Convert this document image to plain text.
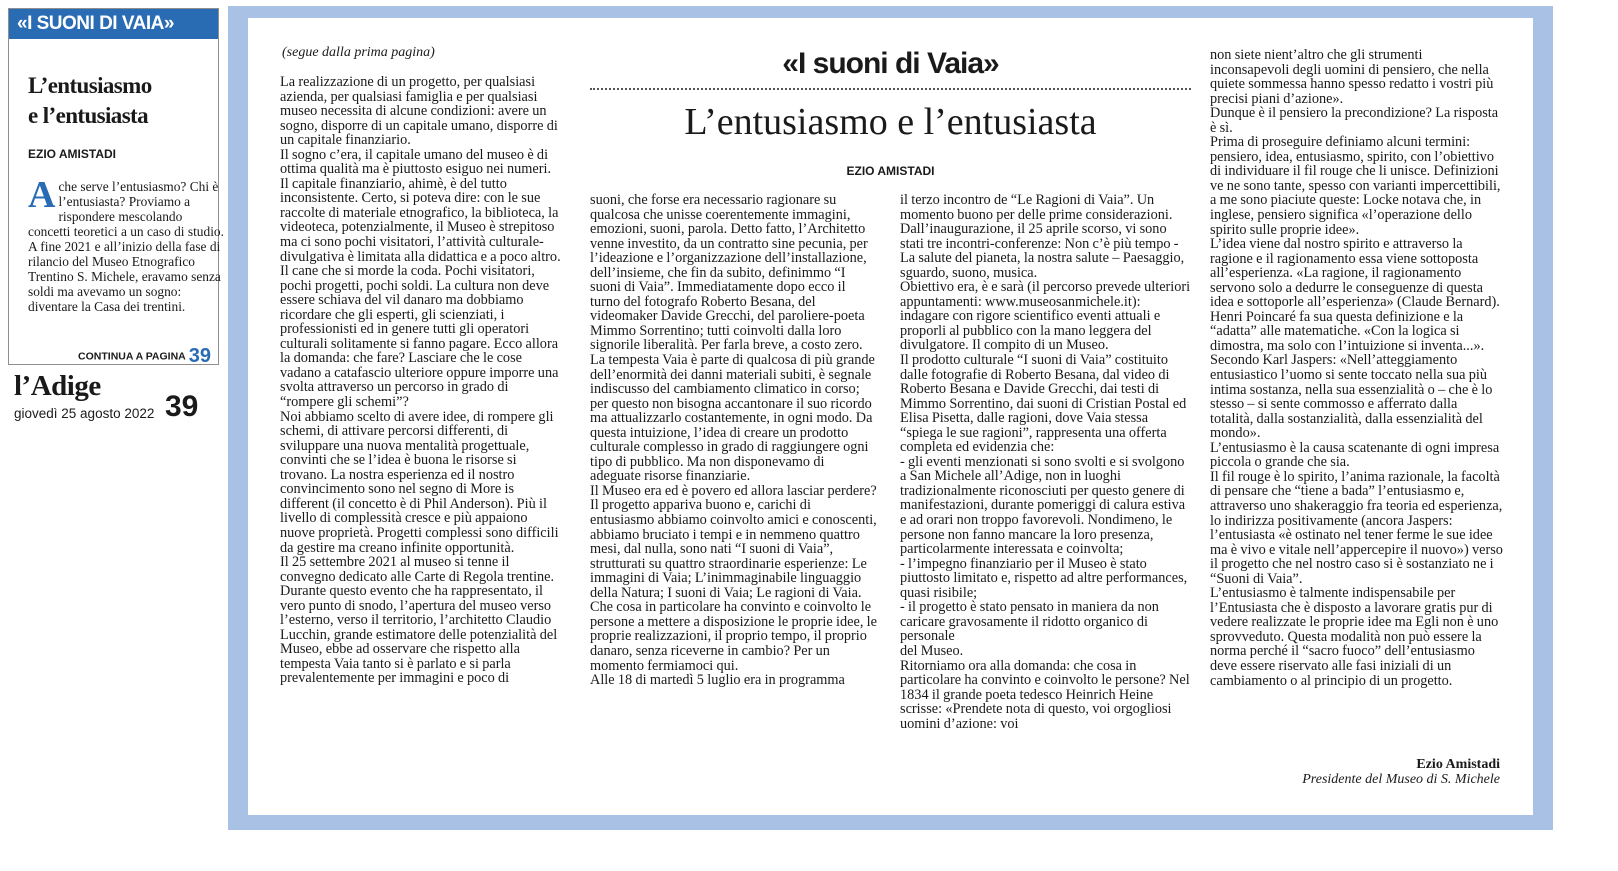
«I SUONI DI VAIA»
L’entusiasmo
e l’entusiasta
EZIO AMISTADI
Ache serve l’entusiasmo? Chi è l’entusiasta? Proviamo a rispondere mescolando concetti teoretici a un caso di studio. A fine 2021 e all’inizio della fase di rilancio del Museo Etnografico Trentino S. Michele, eravamo senza soldi ma avevamo un sogno: diventare la Casa dei trentini.
CONTINUA A PAGINA 39
l’Adige
giovedì 25 agosto 2022 39
(segue dalla prima pagina)	«I suoni di Vaia»
L’entusiasmo e l’entusiasta
EZIO AMISTADI

La realizzazione di un progetto, per qualsiasi azienda, per qualsiasi famiglia e per qualsiasi museo necessita di alcune condizioni: avere un sogno, disporre di un capitale umano, disporre di un capitale finanziario.

Il sogno c’era, il capitale umano del museo è di ottima qualità ma è piuttosto esiguo nei numeri. Il capitale finanziario, ahimè, è del tutto inconsistente. Certo, si poteva dire: con le sue raccolte di materiale etnografico, la biblioteca, la videoteca, potenzialmente, il Museo è strepitoso ma ci sono pochi visitatori, l’attività culturale- divulgativa è limitata alla didattica e a poco altro.

Il cane che si morde la coda. Pochi visitatori, pochi progetti, pochi soldi. La cultura non deve essere schiava del vil danaro ma dobbiamo ricordare che gli esperti, gli scienziati, i professionisti ed in genere tutti gli operatori culturali solitamente si fanno pagare. Ecco allora la domanda: che fare? Lasciare che le cose vadano a catafascio ulteriore oppure imporre una svolta attraverso un percorso in grado di “rompere gli schemi”?

Noi abbiamo scelto di avere idee, di rompere gli schemi, di attivare percorsi differenti, di sviluppare una nuova mentalità progettuale, convinti che se l’idea è buona le risorse si trovano. La nostra esperienza ed il nostro convincimento sono nel segno di More is different (il concetto è di Phil Anderson). Più il livello di complessità cresce e più appaiono nuove proprietà. Progetti complessi sono difficili da gestire ma creano infinite opportunità.

Il 25 settembre 2021 al museo si tenne il convegno dedicato alle Carte di Regola trentine.

Durante questo evento che ha rappresentato, il vero punto di snodo, l’apertura del museo verso l’esterno, verso il territorio, l’architetto Claudio Lucchin, grande estimatore delle potenzialità del Museo, ebbe ad osservare che rispetto alla tempesta Vaia tanto si è parlato e si parla prevalentemente per immagini e poco di

suoni, che forse era necessario ragionare su qualcosa che unisse coerentemente immagini, emozioni, suoni, parola. Detto fatto, l’Architetto venne investito, da un contratto sine pecunia, per l’ideazione e l’organizzazione dell’installazione, dell’insieme, che fin da subito, definimmo “I suoni di Vaia”. Immediatamente dopo ecco il turno del fotografo Roberto Besana, del videomaker Davide Grecchi, del paroliere-poeta Mimmo Sorrentino; tutti coinvolti dalla loro signorile liberalità. Per farla breve, a costo zero.

La tempesta Vaia è parte di qualcosa di più grande dell’enormità dei danni materiali subiti, è segnale indiscusso del cambiamento climatico in corso; per questo non bisogna accantonare il suo ricordo ma attualizzarlo costantemente, in ogni modo. Da questa intuizione, l’idea di creare un prodotto culturale complesso in grado di raggiungere ogni tipo di pubblico. Ma non disponevamo di adeguate risorse finanziarie.

Il Museo era ed è povero ed allora lasciar perdere? Il progetto appariva buono e, carichi di entusiasmo abbiamo coinvolto amici e conoscenti, abbiamo bruciato i tempi e in nemmeno quattro mesi, dal nulla, sono nati “I suoni di Vaia”, strutturati su quattro straordinarie esperienze: Le immagini di Vaia; L’inimmaginabile linguaggio della Natura; I suoni di Vaia; Le ragioni di Vaia.

Che cosa in particolare ha convinto e coinvolto le persone a mettere a disposizione le proprie idee, le proprie realizzazioni, il proprio tempo, il proprio danaro, senza riceverne in cambio? Per un momento fermiamoci qui.

Alle 18 di martedì 5 luglio era in programma

il terzo incontro de “Le Ragioni di Vaia”. Un momento buono per delle prime considerazioni. Dall’inaugurazione, il 25 aprile scorso, vi sono stati tre incontri-conferenze: Non c’è più tempo - La salute del pianeta, la nostra salute – Paesaggio, sguardo, suono, musica.

Obiettivo era, è e sarà (il percorso prevede ulteriori appuntamenti: www.museosanmichele.it): indagare con rigore scientifico eventi attuali e proporli al pubblico con la mano leggera del divulgatore. Il compito di un Museo.

Il prodotto culturale “I suoni di Vaia” costituito dalle fotografie di Roberto Besana, dal video di Roberto Besana e Davide Grecchi, dai testi di Mimmo Sorrentino, dai suoni di Cristian Postal ed Elisa Pisetta, dalle ragioni, dove Vaia stessa “spiega le sue ragioni”, rappresenta una offerta completa ed evidenzia che:

- gli eventi menzionati si sono svolti e si svolgono a San Michele all’Adige, non in luoghi tradizionalmente riconosciuti per questo genere di manifestazioni, durante pomeriggi di calura estiva e ad orari non troppo favorevoli. Nondimeno, le persone non fanno mancare la loro presenza, particolarmente interessata e coinvolta;

- l’impegno finanziario per il Museo è stato piuttosto limitato e, rispetto ad altre performances, quasi risibile;

- il progetto è stato pensato in maniera da non caricare gravosamente il ridotto organico di personale

del Museo.

Ritorniamo ora alla domanda: che cosa in particolare ha convinto e coinvolto le persone? Nel 1834 il grande poeta tedesco Heinrich Heine scrisse: «Prendete nota di questo, voi orgogliosi uomini d’azione: voi

non siete nient’altro che gli strumenti inconsapevoli degli uomini di pensiero, che nella quiete sommessa hanno spesso redatto i vostri più precisi piani d’azione».

Dunque è il pensiero la precondizione? La risposta è sì.

Prima di proseguire definiamo alcuni termini: pensiero, idea, entusiasmo, spirito, con l’obiettivo di individuare il fil rouge che li unisce. Definizioni ve ne sono tante, spesso con varianti impercettibili, a me sono piaciute queste: Locke notava che, in inglese, pensiero significa «l’operazione dello spirito sulle proprie idee».

L’idea viene dal nostro spirito e attraverso la ragione e il ragionamento essa viene sottoposta all’esperienza. «La ragione, il ragionamento servono solo a dedurre le conseguenze di questa idea e sottoporle all’esperienza» (Claude Bernard). Henri Poincaré fa sua questa definizione e la “adatta” alle matematiche. «Con la logica si dimostra, ma solo con l’intuizione si inventa...».

Secondo Karl Jaspers: «Nell’atteggiamento entusiastico l’uomo si sente toccato nella sua più intima sostanza, nella sua essenzialità o – che è lo stesso – si sente commosso e afferrato dalla totalità, dalla sostanzialità, dalla essenzialità del mondo».

L’entusiasmo è la causa scatenante di ogni impresa piccola o grande che sia.

Il fil rouge è lo spirito, l’anima razionale, la facoltà di pensare che “tiene a bada” l’entusiasmo e, attraverso uno shakeraggio fra teoria ed esperienza, lo indirizza positivamente (ancora Jaspers: l’entusiasta «è ostinato nel tener ferme le sue idee ma è vivo e vitale nell’appercepire il nuovo») verso il progetto che nel nostro caso si è sostanziato ne i “Suoni di Vaia”.

L’entusiasmo è talmente indispensabile per l’Entusiasta che è disposto a lavorare gratis pur di vedere realizzate le proprie idee ma Egli non è uno sprovveduto. Questa modalità non può essere la norma perché il “sacro fuoco” dell’entusiasmo deve essere riservato alle fasi iniziali di un cambiamento o al principio di un progetto.

Ezio Amistadi
Presidente del Museo di S. Michele
